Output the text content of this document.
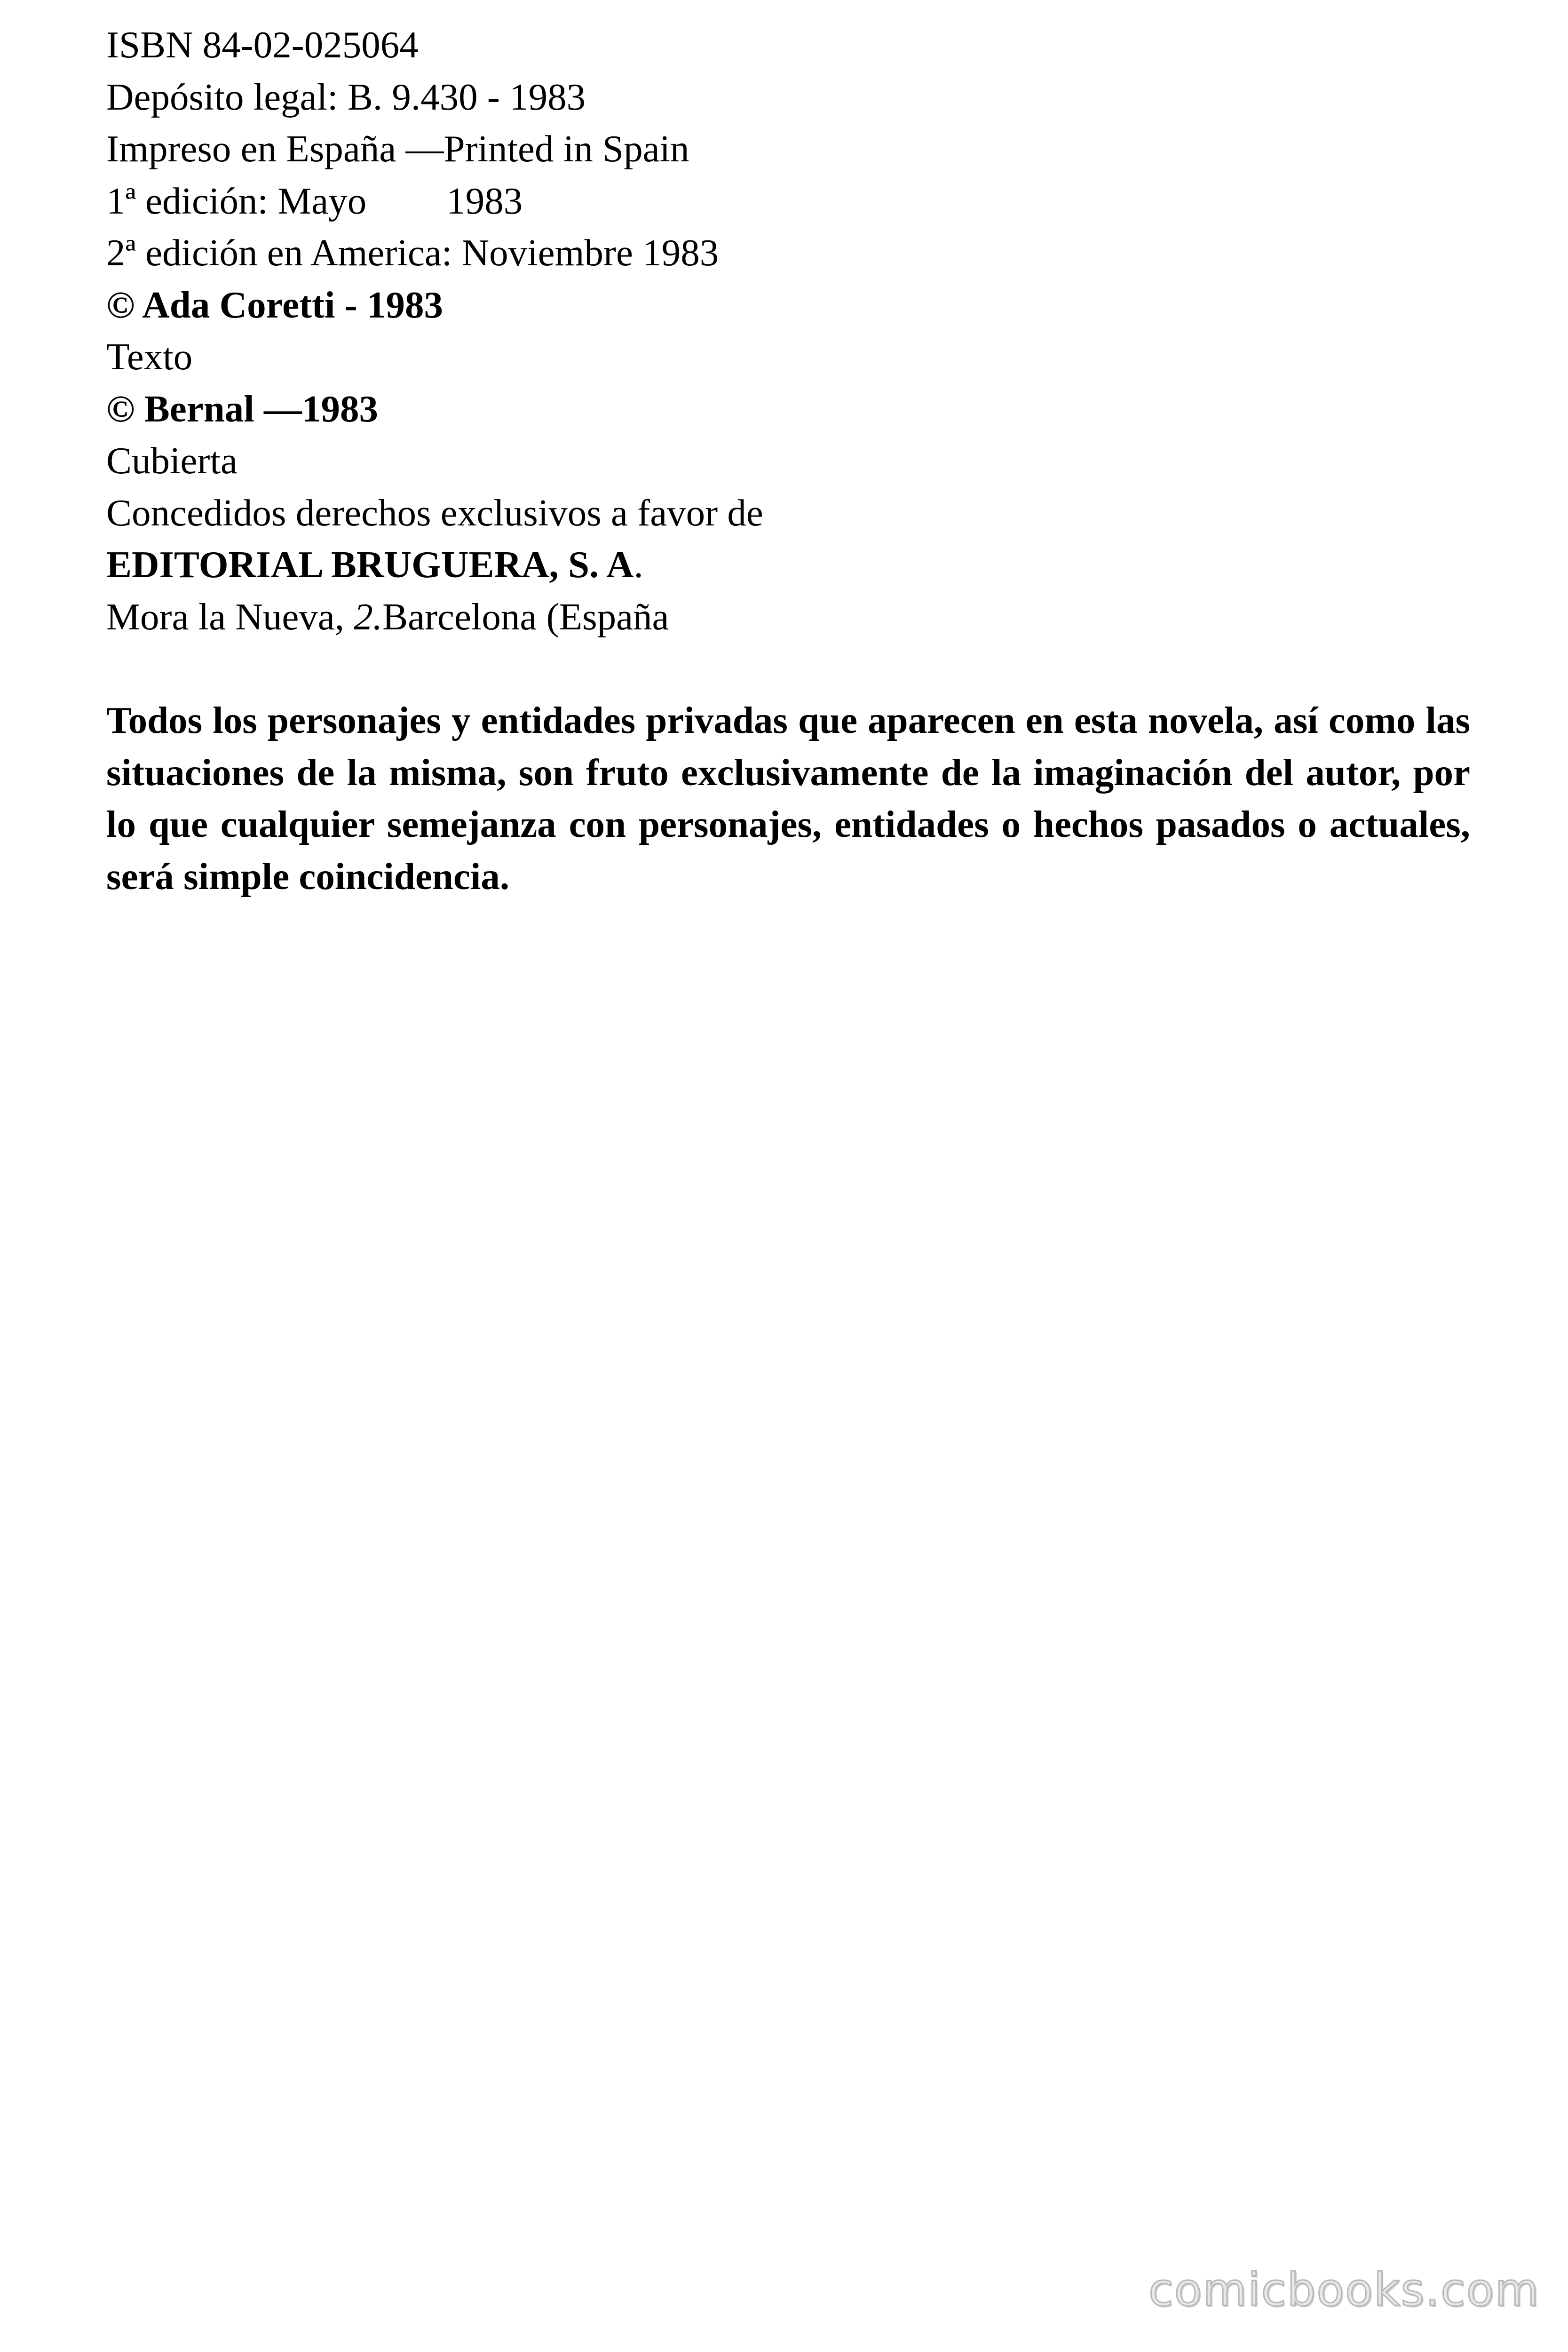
ISBN 84-02-025064
Depósito legal: B. 9.430 - 1983
Impreso en España —Printed in Spain
1ª edición: Mayo 1983
2ª edición en America: Noviembre 1983
© Ada Coretti - 1983
Texto
© Bernal —1983
Cubierta
Concedidos derechos exclusivos a favor de
EDITORIAL BRUGUERA, S. A.
Mora la Nueva, 2.Barcelona (España

Todos los personajes y entidades privadas que aparecen en esta novela, así como las situaciones de la misma, son fruto exclusivamente de la imaginación del autor, por lo que cualquier semejanza con personajes, entidades o hechos pasados o actuales, será simple coincidencia.

comicbooks.com
